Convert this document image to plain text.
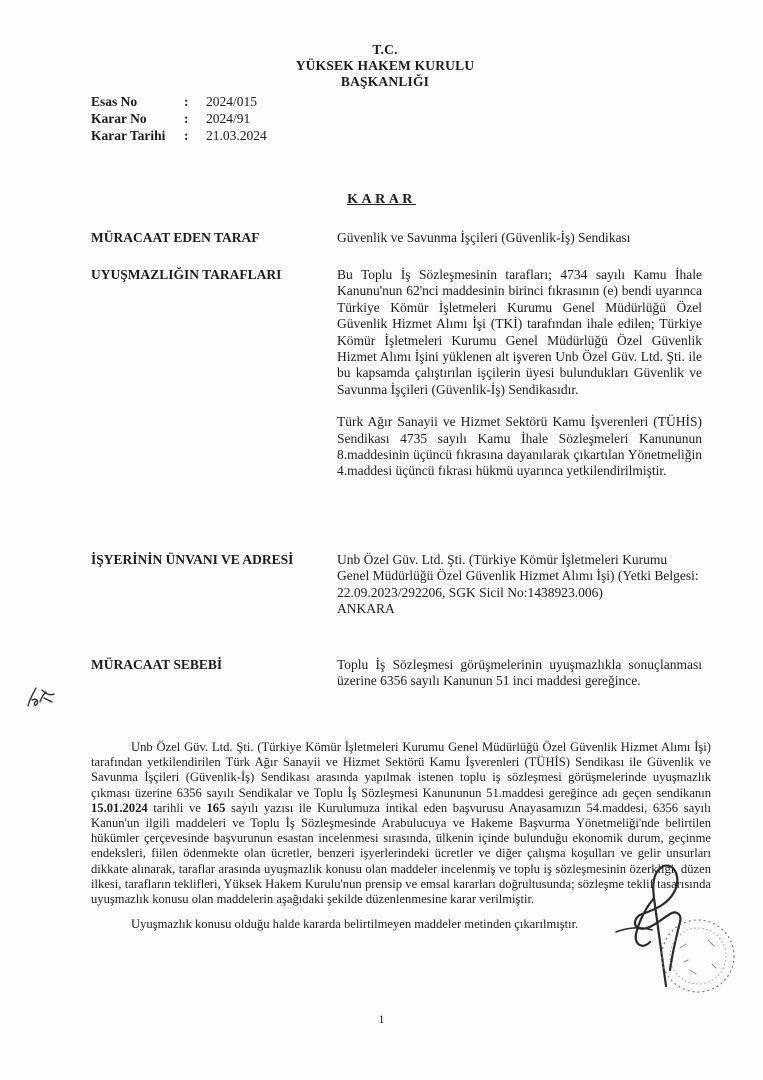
T.C.
YÜKSEK HAKEM KURULU
BAŞKANLIĞI
Esas No	:	2024/015
Karar No	:	2024/91
Karar Tarihi	:	21.03.2024
KARAR
MÜRACAAT EDEN TARAF	Güvenlik ve Savunma İşçileri (Güvenlik-İş) Sendikası
UYUŞMAZLIĞIN TARAFLARI	Bu Toplu İş Sözleşmesinin tarafları; 4734 sayılı Kamu İhale Kanunu'nun 62'nci maddesinin birinci fıkrasının (e) bendi uyarınca Türkiye Kömür İşletmeleri Kurumu Genel Müdürlüğü Özel Güvenlik Hizmet Alımı İşi (TKİ) tarafından ihale edilen; Türkiye Kömür İşletmeleri Kurumu Genel Müdürlüğü Özel Güvenlik Hizmet Alımı İşini yüklenen alt işveren Unb Özel Güv. Ltd. Şti. ile bu kapsamda çalıştırılan işçilerin üyesi bulundukları Güvenlik ve Savunma İşçileri (Güvenlik-İş) Sendikasıdır.

Türk Ağır Sanayii ve Hizmet Sektörü Kamu İşverenleri (TÜHİS) Sendikası 4735 sayılı Kamu İhale Sözleşmeleri Kanununun 8.maddesinin üçüncü fıkrasına dayanılarak çıkartılan Yönetmeliğin 4.maddesi üçüncü fıkrası hükmü uyarınca yetkilendirilmiştir.

İŞYERİNİN ÜNVANI VE ADRESİ	Unb Özel Güv. Ltd. Şti. (Türkiye Kömür İşletmeleri Kurumu Genel Müdürlüğü Özel Güvenlik Hizmet Alımı İşi) (Yetki Belgesi: 22.09.2023/292206, SGK Sicil No:1438923.006)
ANKARA
MÜRACAAT SEBEBİ	Toplu İş Sözleşmesi görüşmelerinin uyuşmazlıkla sonuçlanması üzerine 6356 sayılı Kanunun 51 inci maddesi gereğince.

Unb Özel Güv. Ltd. Şti. (Türkiye Kömür İşletmeleri Kurumu Genel Müdürlüğü Özel Güvenlik Hizmet Alımı İşi) tarafından yetkilendirilen Türk Ağır Sanayii ve Hizmet Sektörü Kamu İşverenleri (TÜHİS) Sendikası ile Güvenlik ve Savunma İşçileri (Güvenlik-İş) Sendikası arasında yapılmak istenen toplu iş sözleşmesi görüşmelerinde uyuşmazlık çıkması üzerine 6356 sayılı Sendikalar ve Toplu İş Sözleşmesi Kanununun 51.maddesi gereğince adı geçen sendikanın 15.01.2024 tarihli ve 165 sayılı yazısı ile Kurulumuza intikal eden başvurusu Anayasamızın 54.maddesi, 6356 sayılı Kanun'un ilgili maddeleri ve Toplu İş Sözleşmesinde Arabulucuya ve Hakeme Başvurma Yönetmeliği'nde belirtilen hükümler çerçevesinde başvurunun esastan incelenmesi sırasında, ülkenin içinde bulunduğu ekonomik durum, geçinme endeksleri, fiilen ödenmekte olan ücretler, benzeri işyerlerindeki ücretler ve diğer çalışma koşulları ve gelir unsurları dikkate alınarak, taraflar arasında uyuşmazlık konusu olan maddeler incelenmiş ve toplu iş sözleşmesinin özerkliği, düzen ilkesi, tarafların teklifleri, Yüksek Hakem Kurulu'nun prensip ve emsal kararları doğrultusunda; sözleşme teklif tasarısında uyuşmazlık konusu olan maddelerin aşağıdaki şekilde düzenlenmesine karar verilmiştir.

Uyuşmazlık konusu olduğu halde kararda belirtilmeyen maddeler metinden çıkarılmıştır.

1
